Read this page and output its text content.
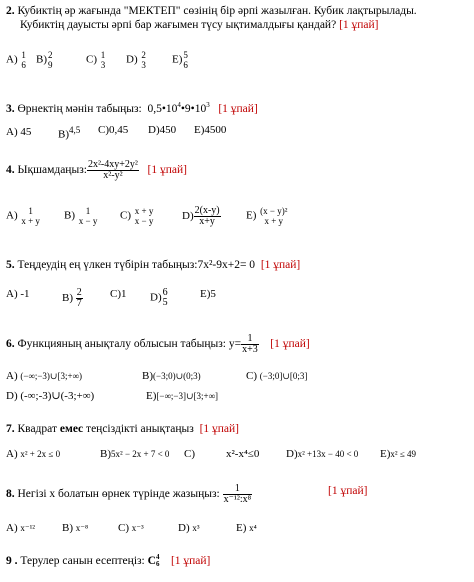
2. Кубиктің әр жағында "МЕКТЕП" сөзінің бір әрпі жазылған. Кубик лақтырылады.
Кубиктің дауысты әрпі бар жағымен түсу ықтималдығы қандай? [1 ұпай]
A) 1
6 B) 2
9	C) 1
3 D) 2
3 E) 5
6
3. Өрнектің мәнін табыңыз: $0,5•10^4•9•10^3$ [1 ұпай]
A) 45 B)$^{4,5}$ C)0,45 D)450 E)4500
4. Ықшамдаңыз: $\frac{\text{2x²-4xy+2y²}}{\text{x²-y²}} [1$ ұпай]
A)	1
x + y B)	1
x − y C) x + y
x − y	$D) \frac{2(x-y)}{x+y} E$) (x − y)²
x + y
5. Теңдеудің ең үлкен түбірін табыңыз:7x²-9x+2= 0 [1 ұпай]
A) -1	$B) \frac{2}{7} C)1$ D) 6
5
E)5
6. Функцияның анықталу облысын табыңыз: $y= \frac{1}{x+3} [1$ ұпай]
A) (−∞;−3)∪[3;+∞)	B)(−3;0)∪(0;3)	C) (−3;0]∪[0;3]
D) (-∞;-3)∪(-3;+∞)	E)[−∞;−3]∪[3;+∞]
7. Квадрат емес теңсіздікті анықтаңыз [1 ұпай]
A) x² + 2x ≤ 0	B)5x² − 2x + 7 < 0 C)	x²-x⁴≤0 D)x² +13x − 40 < 0 E)x² ≤ 49
8. Негізі x болатын өрнек түрінде жазыңыз: $\frac{1}{\text{x⁻¹²:x⁸}}$	[1 ұпай]
A) x⁻¹² B) x⁻⁸	C) x⁻³	D) x³	E) x⁴
9 . Терулер санын есептеңіз: C 4
6 [1 ұпай]
